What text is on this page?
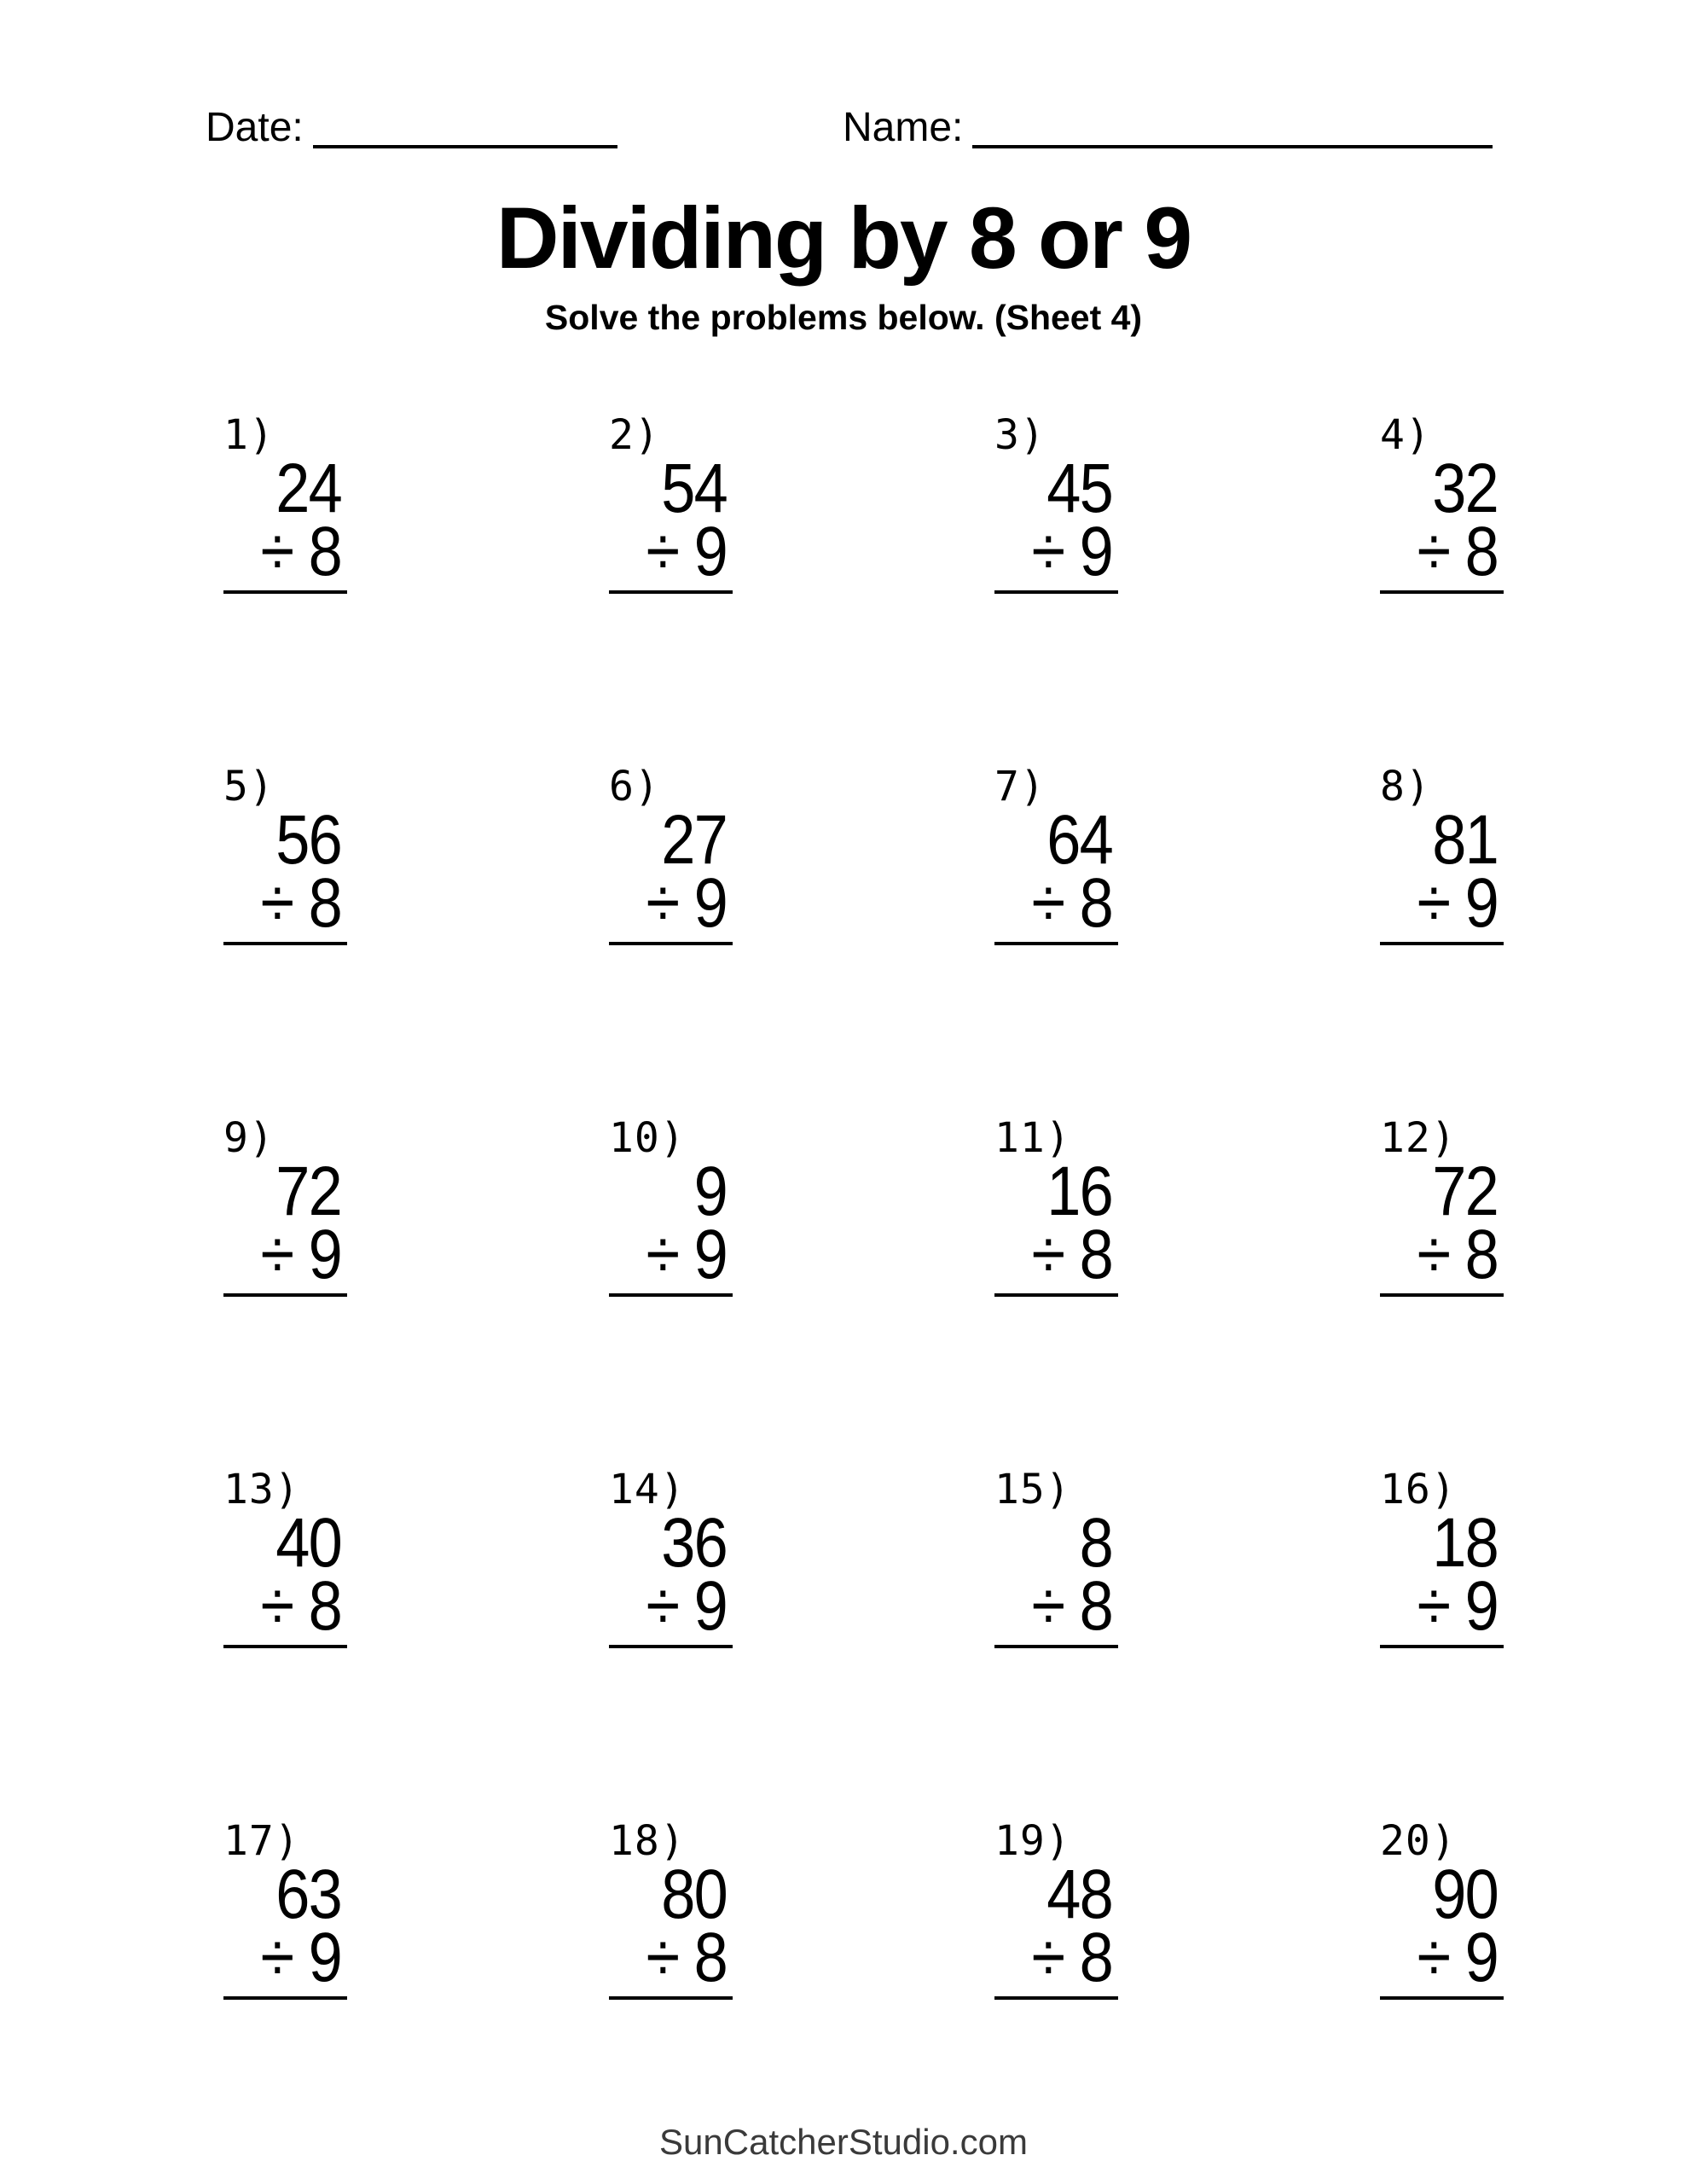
Date:	Name:
Dividing by 8 or 9
Solve the problems below. (Sheet 4)
1)
24
÷ 8
2)
54
÷ 9
3)
45
÷ 9
4)
32
÷ 8
5)
56
÷ 8
6)
27
÷ 9
7)
64
÷ 8
8)
81
÷ 9
9)
72
÷ 9
10)
9
÷ 9
11)
16
÷ 8
12)
72
÷ 8
13)
40
÷ 8
14)
36
÷ 9
15)
8
÷ 8
16)
18
÷ 9
17)
63
÷ 9
18)
80
÷ 8
19)
48
÷ 8
20)
90
÷ 9
SunCatcherStudio.com
